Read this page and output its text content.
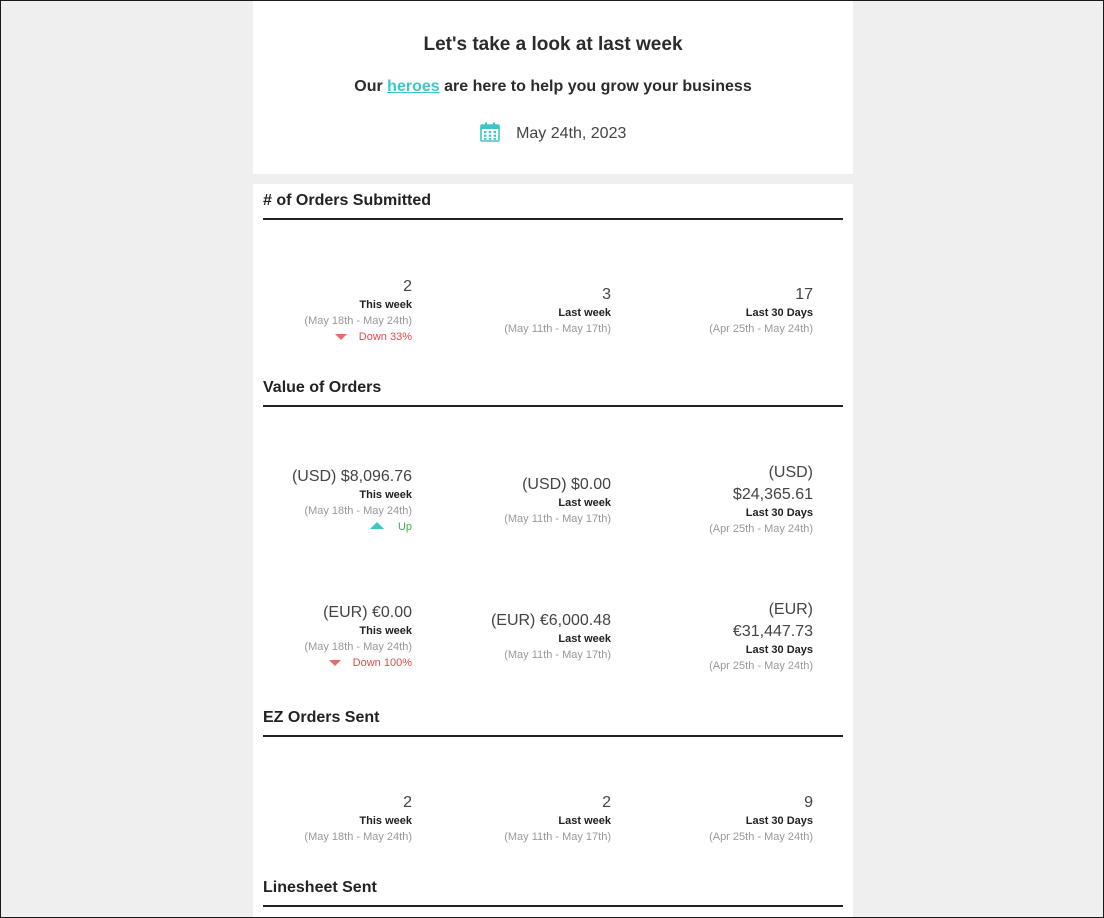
Let's take a look at last week
Our heroes are here to help you grow your business
May 24th, 2023
# of Orders Submitted
2
This week
(May 18th - May 24th)
Down 33%
3
Last week
(May 11th - May 17th)
17
Last 30 Days
(Apr 25th - May 24th)
Value of Orders
(USD) $8,096.76
This week
(May 18th - May 24th)
Up
(USD) $0.00
Last week
(May 11th - May 17th)
(USD)
$24,365.61
Last 30 Days
(Apr 25th - May 24th)
(EUR) €0.00
This week
(May 18th - May 24th)
Down 100%
(EUR) €6,000.48
Last week
(May 11th - May 17th)
(EUR)
€31,447.73
Last 30 Days
(Apr 25th - May 24th)
EZ Orders Sent
2
This week
(May 18th - May 24th)
2
Last week
(May 11th - May 17th)
9
Last 30 Days
(Apr 25th - May 24th)
Linesheet Sent
